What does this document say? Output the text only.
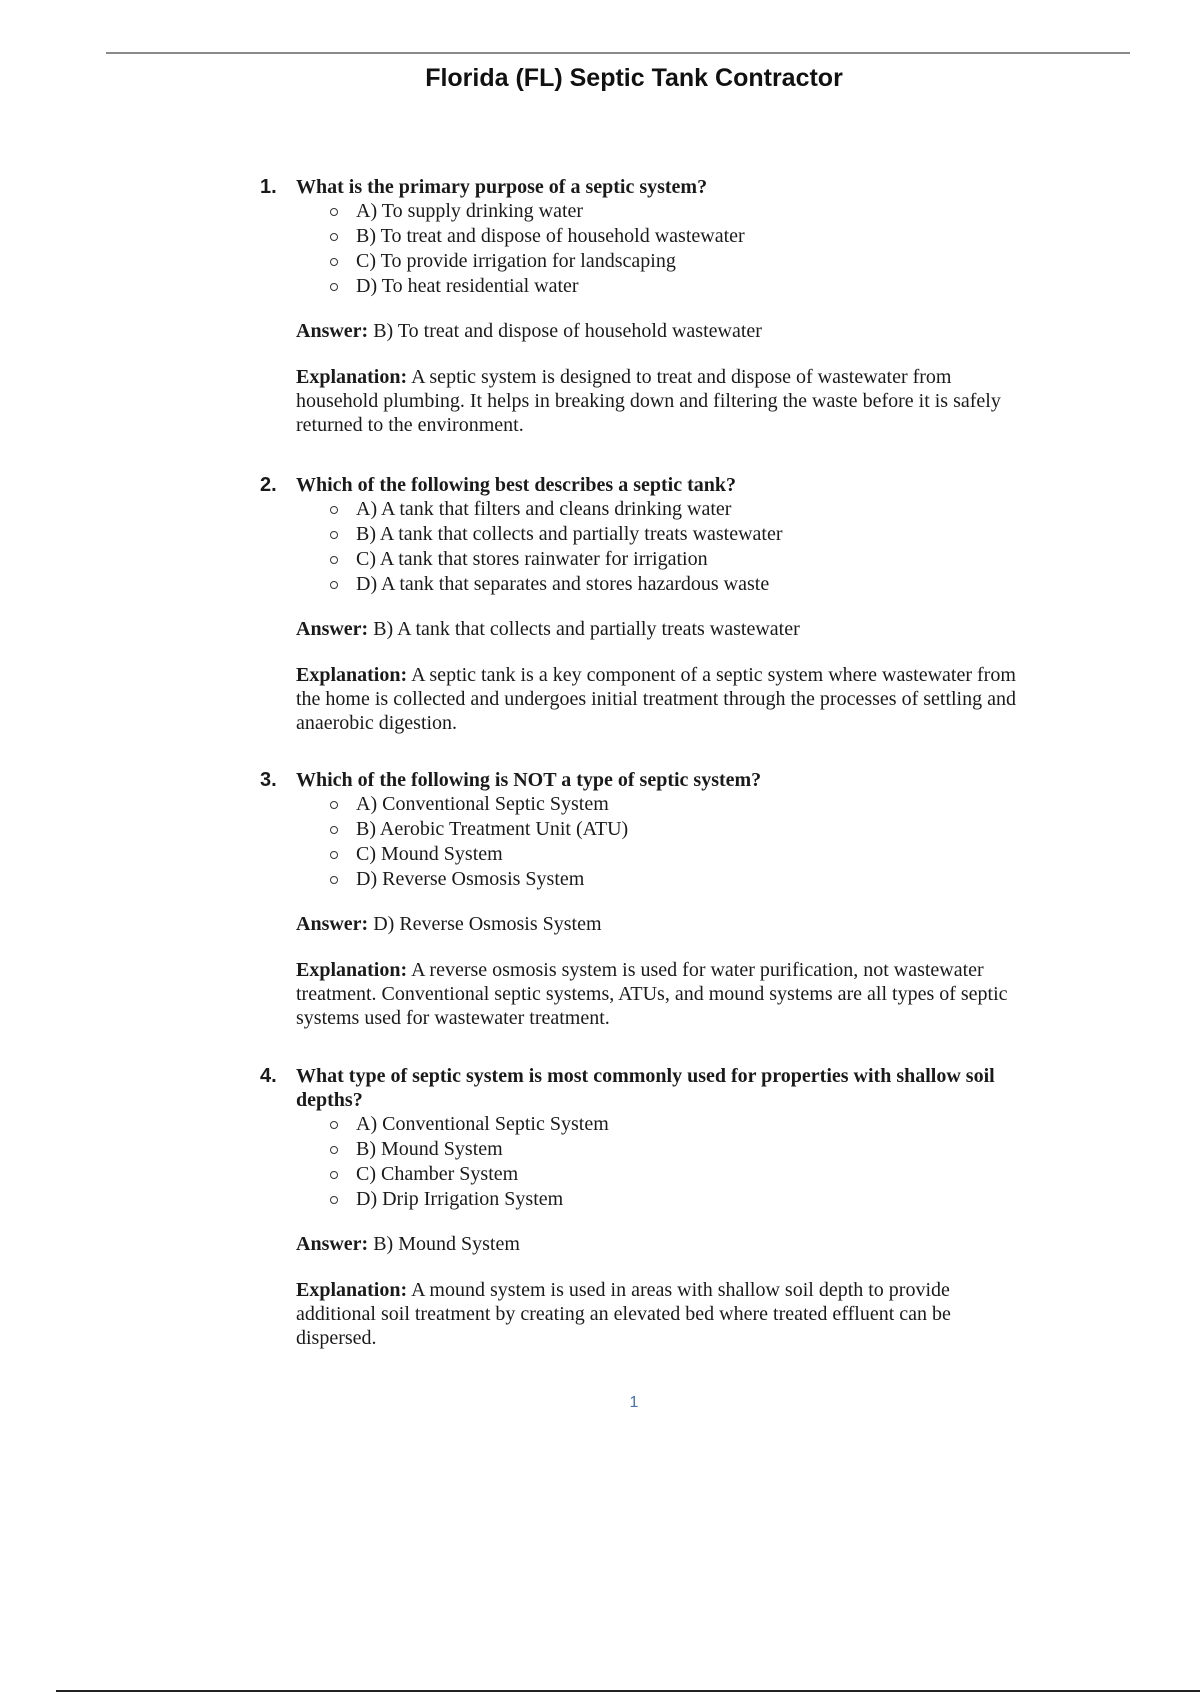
Florida (FL) Septic Tank Contractor
1. What is the primary purpose of a septic system?
A) To supply drinking water
B) To treat and dispose of household wastewater
C) To provide irrigation for landscaping
D) To heat residential water
Answer: B) To treat and dispose of household wastewater
Explanation: A septic system is designed to treat and dispose of wastewater from household plumbing. It helps in breaking down and filtering the waste before it is safely returned to the environment.
2. Which of the following best describes a septic tank?
A) A tank that filters and cleans drinking water
B) A tank that collects and partially treats wastewater
C) A tank that stores rainwater for irrigation
D) A tank that separates and stores hazardous waste
Answer: B) A tank that collects and partially treats wastewater
Explanation: A septic tank is a key component of a septic system where wastewater from the home is collected and undergoes initial treatment through the processes of settling and anaerobic digestion.
3. Which of the following is NOT a type of septic system?
A) Conventional Septic System
B) Aerobic Treatment Unit (ATU)
C) Mound System
D) Reverse Osmosis System
Answer: D) Reverse Osmosis System
Explanation: A reverse osmosis system is used for water purification, not wastewater treatment. Conventional septic systems, ATUs, and mound systems are all types of septic systems used for wastewater treatment.
4. What type of septic system is most commonly used for properties with shallow soil depths?
A) Conventional Septic System
B) Mound System
C) Chamber System
D) Drip Irrigation System
Answer: B) Mound System
Explanation: A mound system is used in areas with shallow soil depth to provide additional soil treatment by creating an elevated bed where treated effluent can be dispersed.
1
